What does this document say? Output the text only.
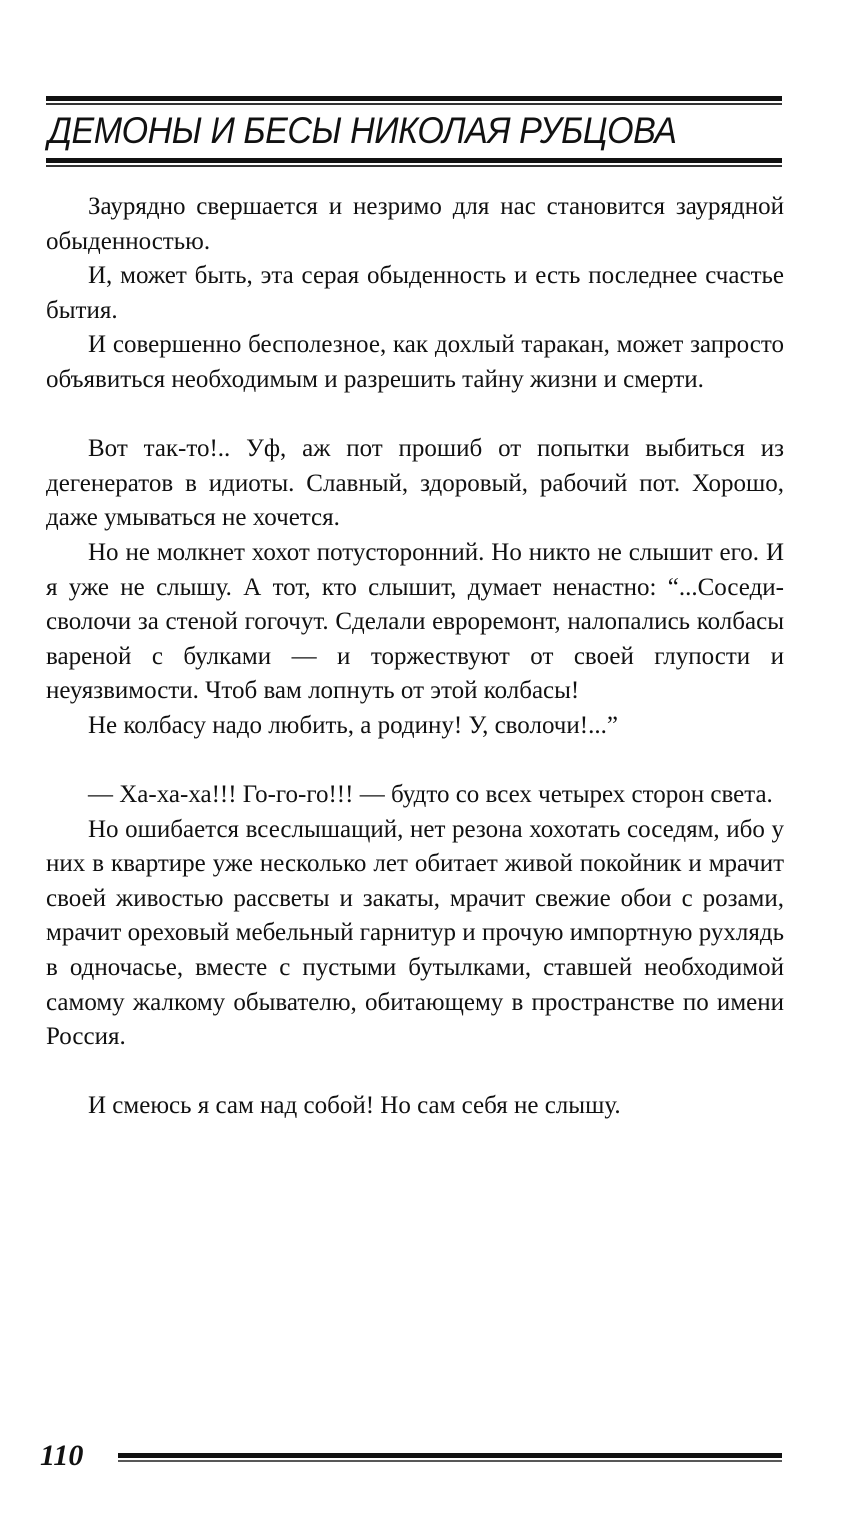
ДЕМОНЫ И БЕСЫ НИКОЛАЯ РУБЦОВА

Заурядно свершается и незримо для нас становится заурядной обыденностью.

И, может быть, эта серая обыденность и есть последнее счастье бытия.

И совершенно бесполезное, как дохлый таракан, может запросто объявиться необходимым и разрешить тайну жизни и смерти.

Вот так-то!.. Уф, аж пот прошиб от попытки выбиться из дегенератов в идиоты. Славный, здоровый, рабочий пот. Хорошо, даже умываться не хочется.

Но не молкнет хохот потусторонний. Но никто не слышит его. И я уже не слышу. А тот, кто слышит, думает ненастно: “...Соседи-сволочи за стеной гогочут. Сделали евроремонт, налопались колбасы вареной с булками — и торжествуют от своей глупости и неуязвимости. Чтоб вам лопнуть от этой колбасы!

Не колбасу надо любить, а родину! У, сволочи!...”

— Ха-ха-ха!!! Го-го-го!!! — будто со всех четырех сторон света.

Но ошибается всеслышащий, нет резона хохотать соседям, ибо у них в квартире уже несколько лет обитает живой покойник и мрачит своей живостью рассветы и закаты, мрачит свежие обои с розами, мрачит ореховый мебельный гарнитур и прочую импортную рухлядь в одночасье, вместе с пустыми бутылками, ставшей необходимой самому жалкому обывателю, обитающему в пространстве по имени Россия.

И смеюсь я сам над собой! Но сам себя не слышу.

110
